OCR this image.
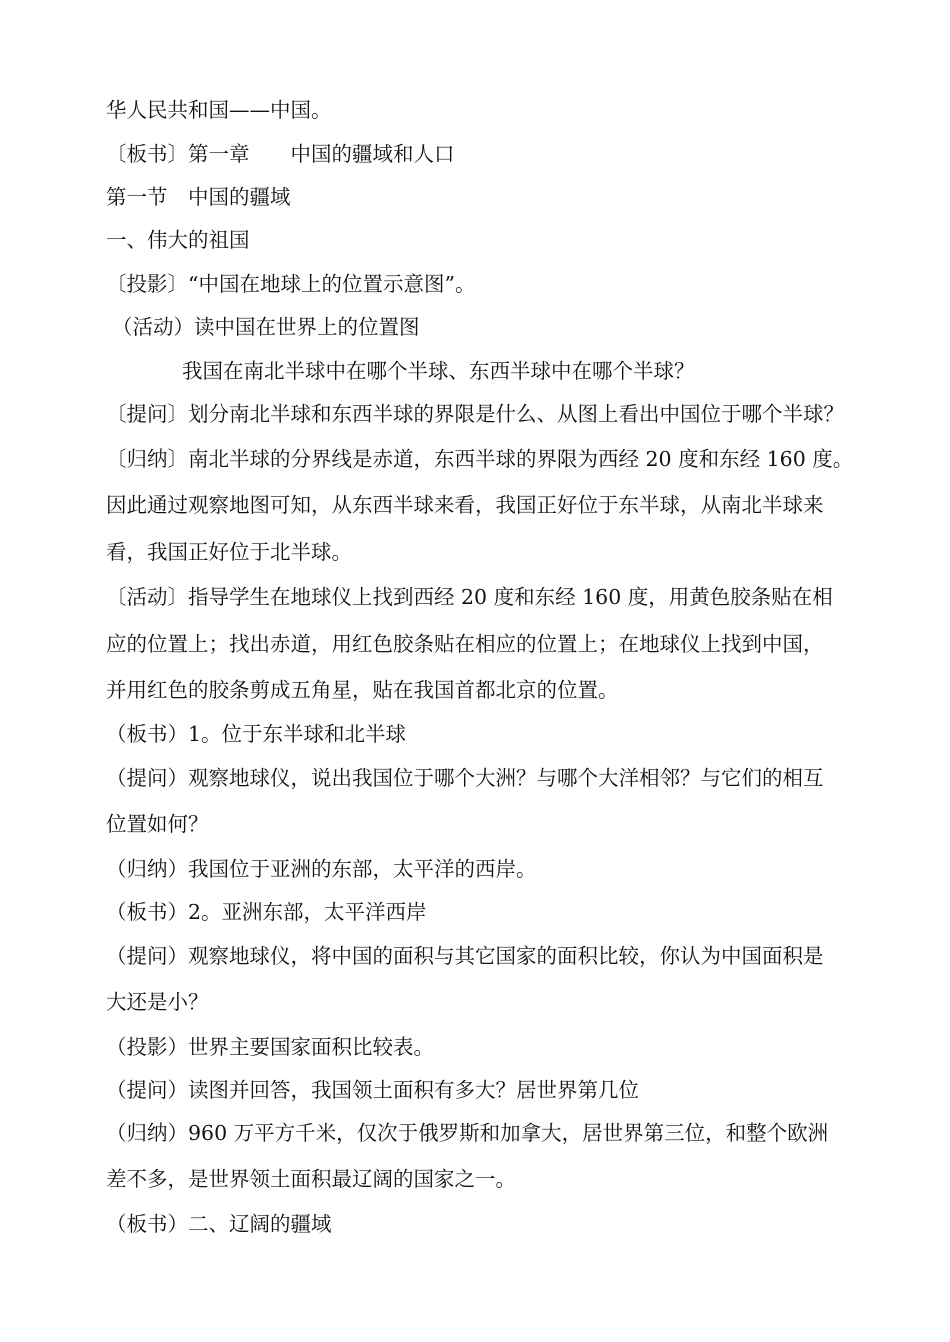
华人民共和国——中国。
〔板书〕第一章　　中国的疆域和人口
第一节　中国的疆域
一、伟大的祖国
〔投影〕“中国在地球上的位置示意图”。
（活动）读中国在世界上的位置图
我国在南北半球中在哪个半球、东西半球中在哪个半球？
〔提问〕划分南北半球和东西半球的界限是什么、从图上看出中国位于哪个半球？
〔归纳〕南北半球的分界线是赤道，东西半球的界限为西经 20 度和东经 160 度。
因此通过观察地图可知，从东西半球来看，我国正好位于东半球，从南北半球来
看，我国正好位于北半球。
〔活动〕指导学生在地球仪上找到西经 20 度和东经 160 度，用黄色胶条贴在相
应的位置上；找出赤道，用红色胶条贴在相应的位置上；在地球仪上找到中国，
并用红色的胶条剪成五角星，贴在我国首都北京的位置。
（板书）1。位于东半球和北半球
（提问）观察地球仪，说出我国位于哪个大洲？与哪个大洋相邻？与它们的相互
位置如何？
（归纳）我国位于亚洲的东部，太平洋的西岸。
（板书）2。亚洲东部，太平洋西岸
（提问）观察地球仪，将中国的面积与其它国家的面积比较，你认为中国面积是
大还是小？
（投影）世界主要国家面积比较表。
（提问）读图并回答，我国领土面积有多大？居世界第几位
（归纳）960 万平方千米，仅次于俄罗斯和加拿大，居世界第三位，和整个欧洲
差不多，是世界领土面积最辽阔的国家之一。
（板书）二、辽阔的疆域
